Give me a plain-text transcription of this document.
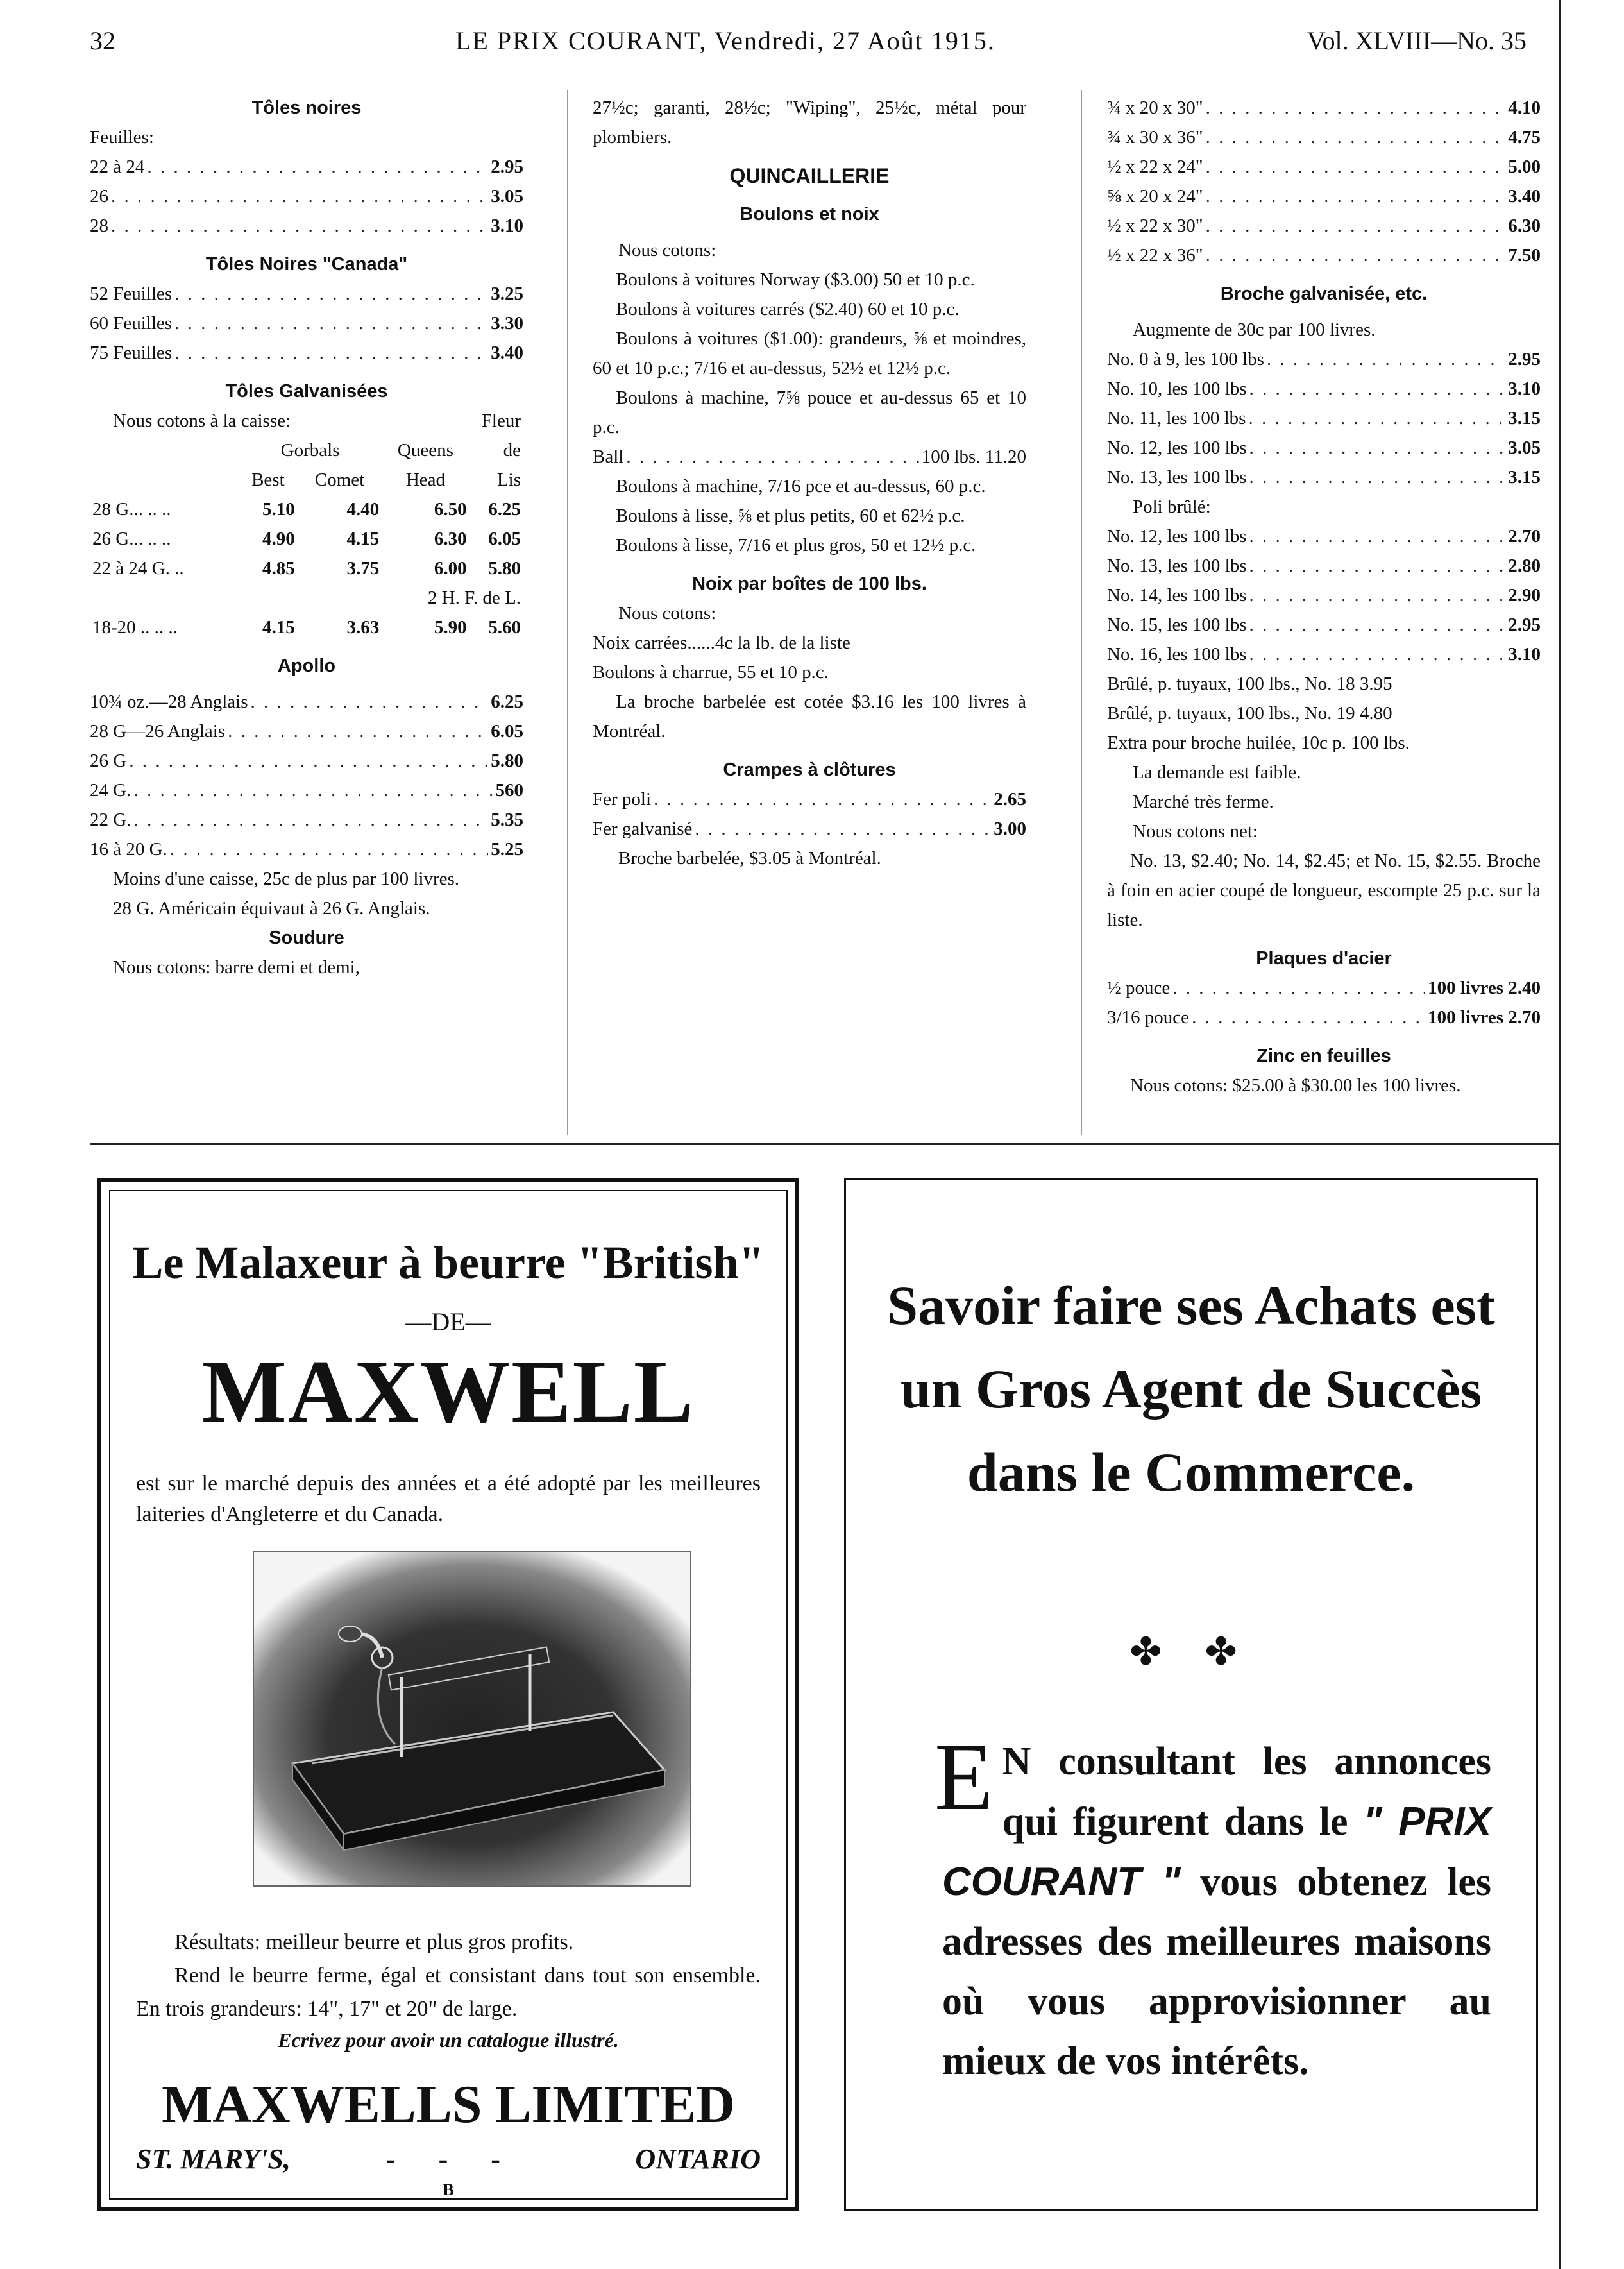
32	LE PRIX COURANT, Vendredi, 27 Août 1915.	Vol. XLVIII—No. 35
Tôles noires
Feuilles:
22 à 24 . . .	2.95
26 . . .	3.05
28 . . .	3.10
Tôles Noires "Canada"
52 Feuilles . . .	3.25
60 Feuilles . . .	3.30
75 Feuilles . . .	3.40
Tôles Galvanisées
Nous cotons à la caisse:			Fleur	
	Gorbals		Queens	de
	Best	Comet	Head	Lis
28 G... .. ..	5.10	4.40	6.50	6.25
26 G... .. ..	4.90	4.15	6.30	6.05
22 à 24 G. ..	4.85	3.75	6.00	5.80
			2 H. F. de L.	
18-20 .. .. ..	4.15	3.63	5.90	5.60
Apollo
10¾ oz.—28 Anglais . . .	6.25
28 G—26 Anglais . . .	6.05
26 G . . .	5.80
24 G. . . .	560
22 G. . . .	5.35
16 à 20 G. . . .	5.25
Moins d'une caisse, 25c de plus par 100 livres.
28 G. Américain équivaut à 26 G. Anglais.
Soudure
Nous cotons: barre demi et demi,
27½c; garanti, 28½c; "Wiping", 25½c, métal pour plombiers.
QUINCAILLERIE
Boulons et noix
Nous cotons:
Boulons à voitures Norway ($3.00) 50 et 10 p.c.
Boulons à voitures carrés ($2.40) 60 et 10 p.c.
Boulons à voitures ($1.00): grandeurs, ⅝ et moindres, 60 et 10 p.c.; 7/16 et au-dessus, 52½ et 12½ p.c.
Boulons à machine, 7⅝ pouce et au-dessus 65 et 10 p.c.
Ball . . .	100 lbs. 11.20
Boulons à machine, 7/16 pce et au-dessus, 60 p.c.
Boulons à lisse, ⅝ et plus petits, 60 et 62½ p.c.
Boulons à lisse, 7/16 et plus gros, 50 et 12½ p.c.
Noix par boîtes de 100 lbs.
Nous cotons:
Noix carrées......4c la lb. de la liste
Boulons à charrue, 55 et 10 p.c.
La broche barbelée est cotée $3.16 les 100 livres à Montréal.
Crampes à clôtures
Fer poli . . .	2.65
Fer galvanisé . . .	3.00
Broche barbelée, $3.05 à Montréal.
¾ x 20 x 30" . . .	4.10
¾ x 30 x 36" . . .	4.75
½ x 22 x 24" . . .	5.00
⅝ x 20 x 24" . . .	3.40
½ x 22 x 30" . . .	6.30
½ x 22 x 36" . . .	7.50
Broche galvanisée, etc.
Augmente de 30c par 100 livres.
No. 0 à 9, les 100 lbs . . .	2.95
No. 10, les 100 lbs . . .	3.10
No. 11, les 100 lbs . . .	3.15
No. 12, les 100 lbs . . .	3.05
No. 13, les 100 lbs . . .	3.15
Poli brûlé:
No. 12, les 100 lbs . . .	2.70
No. 13, les 100 lbs . . .	2.80
No. 14, les 100 lbs . . .	2.90
No. 15, les 100 lbs . . .	2.95
No. 16, les 100 lbs . . .	3.10
Brûlé, p. tuyaux, 100 lbs., No. 18 3.95
Brûlé, p. tuyaux, 100 lbs., No. 19 4.80
Extra pour broche huilée, 10c p. 100 lbs.
La demande est faible.
Marché très ferme.
Nous cotons net:
No. 13, $2.40; No. 14, $2.45; et No. 15, $2.55. Broche à foin en acier coupé de longueur, escompte 25 p.c. sur la liste.
Plaques d'acier
½ pouce . . .	100 livres 2.40
3/16 pouce . . .	100 livres 2.70
Zinc en feuilles
Nous cotons: $25.00 à $30.00 les 100 livres.
Le Malaxeur à beurre "British"
—DE—
MAXWELL
est sur le marché depuis des années et a été adopté par les meilleures laiteries d'Angleterre et du Canada.
Résultats: meilleur beurre et plus gros profits.
Rend le beurre ferme, égal et consistant dans tout son ensemble. En trois grandeurs: 14", 17" et 20" de large.
Ecrivez pour avoir un catalogue illustré.
MAXWELLS LIMITED
ST. MARY'S,	- - -	ONTARIO
B
Savoir faire ses Achats est un Gros Agent de Succès dans le Commerce.
✤ ✤
E N consultant les annonces qui figurent dans le " PRIX COURANT " vous obtenez les adresses des meilleures maisons où vous approvisionner au mieux de vos intérêts.
